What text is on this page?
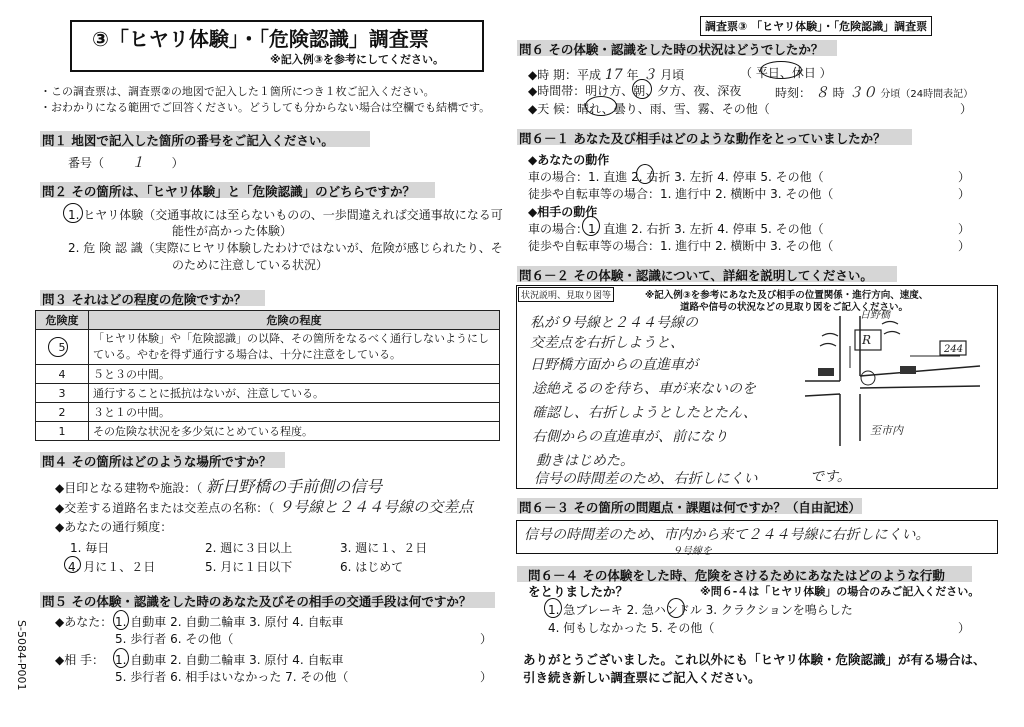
③「ヒヤリ体験」・「危険認識」調査票
※記入例③を参考にしてください。
・この調査票は、調査票②の地図で記入した１箇所につき１枚ご記入ください。
・おわかりになる範囲でご回答ください。どうしても分からない場合は空欄でも結構です。
問１ 地図で記入した箇所の番号をご記入ください。
番号（ １ ）
問２ その箇所は、「ヒヤリ体験」と「危険認識」のどちらですか？
1. ヒヤリ体験（交通事故には至らないものの、一歩間違えれば交通事故になる可
能性が高かった体験）
2. 危 険 認 識（実際にヒヤリ体験したわけではないが、危険が感じられたり、そ
のために注意している状況）
問３ それはどの程度の危険ですか？
危険度	危険の程度
5	「ヒヤリ体験」や「危険認識」の以降、その箇所をなるべく通行しないようにしている。やむを得ず通行する場合は、十分に注意をしている。
4	５と３の中間。
3	通行することに抵抗はないが、注意している。
2	３と１の中間。
1	その危険な状況を多少気にとめている程度。
問４ その箇所はどのような場所ですか？
◆目印となる建物や施設：（ 新日野橋の手前側の信号
◆交差する道路名または交差点の名称：（ ９号線と２４４号線の交差点
◆あなたの通行頻度：
1. 毎日	2. 週に３日以上	3. 週に１、２日
4. 月に１、２日	5. 月に１日以下	6. はじめて
問５ その体験・認識をした時のあなた及びその相手の交通手段は何ですか？
◆あなた： 1. 自動車 2. 自動二輪車 3. 原付 4. 自転車
5. 歩行者 6. その他（	）
◆相 手： 1. 自動車 2. 自動二輪車 3. 原付 4. 自転車
5. 歩行者 6. 相手はいなかった 7. その他（	）
S-5084-P001
調査票③ 「ヒヤリ体験」・「危険認識」調査票
問６ その体験・認識をした時の状況はどうでしたか？
◆時 期：平成 17 年 ３ 月頃	（ 平日、休日 ）
◆時間帯：明け方、朝、夕方、夜、深夜	時刻： ８ 時 ３０ 分頃（24時間表記）
◆天 候：晴れ、曇り、雨、雪、霧、その他（	）
問６－１ あなた及び相手はどのような動作をとっていましたか？
◆あなたの動作
車の場合：1. 直進 2. 右折 3. 左折 4. 停車 5. その他（	）
徒歩や自転車等の場合：1. 進行中 2. 横断中 3. その他（	）
◆相手の動作
車の場合：1. 直進 2. 右折 3. 左折 4. 停車 5. その他（	）
徒歩や自転車等の場合：1. 進行中 2. 横断中 3. その他（	）
問６－２ その体験・認識について、詳細を説明してください。
状況説明、見取り図等	※記入例③を参考にあなた及び相手の位置関係・進行方向、速度、
道路や信号の状況などの見取り図をご記入ください。
私が９号線と２４４号線の
交差点を右折しようと、
日野橋方面からの直進車が
途絶えるのを待ち、車が来ないのを
確認し、右折しようとしたとたん、
右側からの直進車が、前になり
動きはじめた。
信号の時間差のため、右折しにくい	です。
日野橋
R
244
至市内
問６－３ その箇所の問題点・課題は何ですか？（自由記述）
信号の時間差のため、市内から来て２４４号線に右折しにくい。
９号線を
問６－４ その体験をした時、危険をさけるためにあなたはどのような行動
をとりましたか？	※問６-４は「ヒヤリ体験」の場合のみご記入ください。
1. 急ブレーキ 2. 急ハンドル 3. クラクションを鳴らした
4. 何もしなかった 5. その他（	）
ありがとうございました。これ以外にも「ヒヤリ体験・危険認識」が有る場合は、
引き続き新しい調査票にご記入ください。
